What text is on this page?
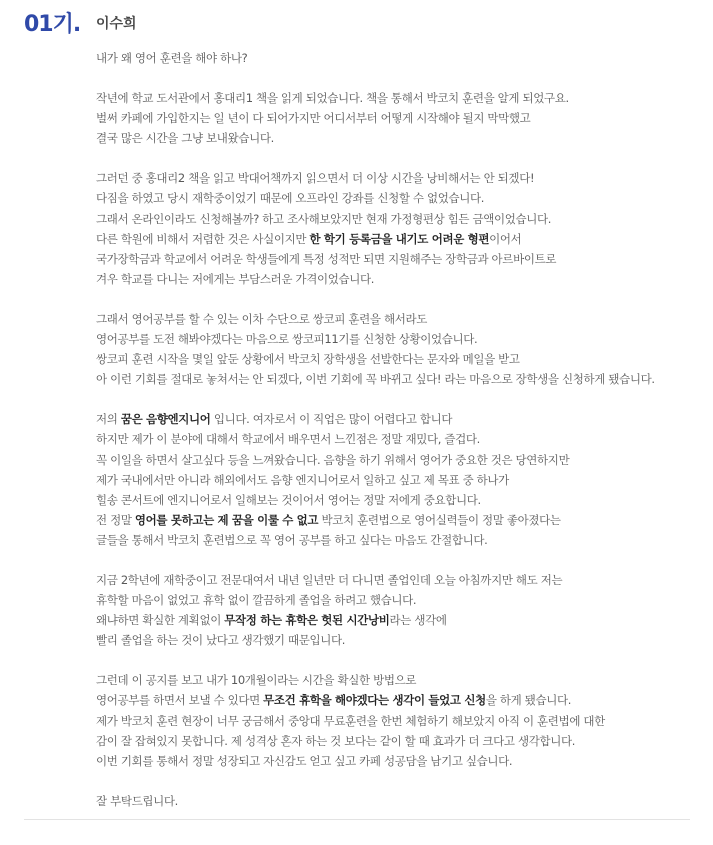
01기. 이수희
내가 왜 영어 훈련을 해야 하나?
작년에 학교 도서관에서 홍대리1 책을 읽게 되었습니다. 책을 통해서 박코치 훈련을 알게 되었구요.
벌써 카페에 가입한지는 일 년이 다 되어가지만 어디서부터 어떻게 시작해야 될지 막막했고
결국 많은 시간을 그냥 보내왔습니다.
그러던 중 홍대리2 책을 읽고 박대어책까지 읽으면서 더 이상 시간을 낭비해서는 안 되겠다!
다짐을 하였고 당시 재학중이었기 때문에 오프라인 강좌를 신청할 수 없었습니다.
그래서 온라인이라도 신청해볼까? 하고 조사해보았지만 현재 가정형편상 힘든 금액이었습니다.
다른 학원에 비해서 저렴한 것은 사실이지만 한 학기 등록금을 내기도 어려운 형편이어서
국가장학금과 학교에서 어려운 학생들에게 특정 성적만 되면 지원해주는 장학금과 아르바이트로
겨우 학교를 다니는 저에게는 부담스러운 가격이었습니다.
그래서 영어공부를 할 수 있는 이차 수단으로 쌍코피 훈련을 해서라도
영어공부를 도전 해봐야겠다는 마음으로 쌍코피11기를 신청한 상황이었습니다.
쌍코피 훈련 시작을 몇일 앞둔 상황에서 박코치 장학생을 선발한다는 문자와 메일을 받고
아 이런 기회를 절대로 놓쳐서는 안 되겠다, 이번 기회에 꼭 바뀌고 싶다! 라는 마음으로 장학생을 신청하게 됐습니다.
저의 꿈은 음향엔지니어 입니다. 여자로서 이 직업은 많이 어렵다고 합니다
하지만 제가 이 분야에 대해서 학교에서 배우면서 느낀점은 정말 재밌다, 즐겁다.
꼭 이일을 하면서 살고싶다 등을 느껴왔습니다. 음향을 하기 위해서 영어가 중요한 것은 당연하지만
제가 국내에서만 아니라 해외에서도 음향 엔지니어로서 일하고 싶고 제 목표 중 하나가
힐송 콘서트에 엔지니어로서 일해보는 것이어서 영어는 정말 저에게 중요합니다.
전 정말 영어를 못하고는 제 꿈을 이룰 수 없고 박코치 훈련법으로 영어실력들이 정말 좋아졌다는
글들을 통해서 박코치 훈련법으로 꼭 영어 공부를 하고 싶다는 마음도 간절합니다.
지금 2학년에 재학중이고 전문대여서 내년 일년만 더 다니면 졸업인데 오늘 아침까지만 해도 저는
휴학할 마음이 없었고 휴학 없이 깔끔하게 졸업을 하려고 했습니다.
왜냐하면 확실한 계획없이 무작정 하는 휴학은 헛된 시간낭비라는 생각에
빨리 졸업을 하는 것이 났다고 생각했기 때문입니다.
그런데 이 공지를 보고 내가 10개월이라는 시간을 확실한 방법으로
영어공부를 하면서 보낼 수 있다면 무조건 휴학을 해야겠다는 생각이 들었고 신청을 하게 됐습니다.
제가 박코치 훈련 현장이 너무 궁금해서 중앙대 무료훈련을 한번 체험하기 해보았지 아직 이 훈련법에 대한
감이 잘 잡혀있지 못합니다. 제 성격상 혼자 하는 것 보다는 같이 할 때 효과가 더 크다고 생각합니다.
이번 기회를 통해서 정말 성장되고 자신감도 얻고 싶고 카페 성공담을 남기고 싶습니다.
잘 부탁드립니다.
